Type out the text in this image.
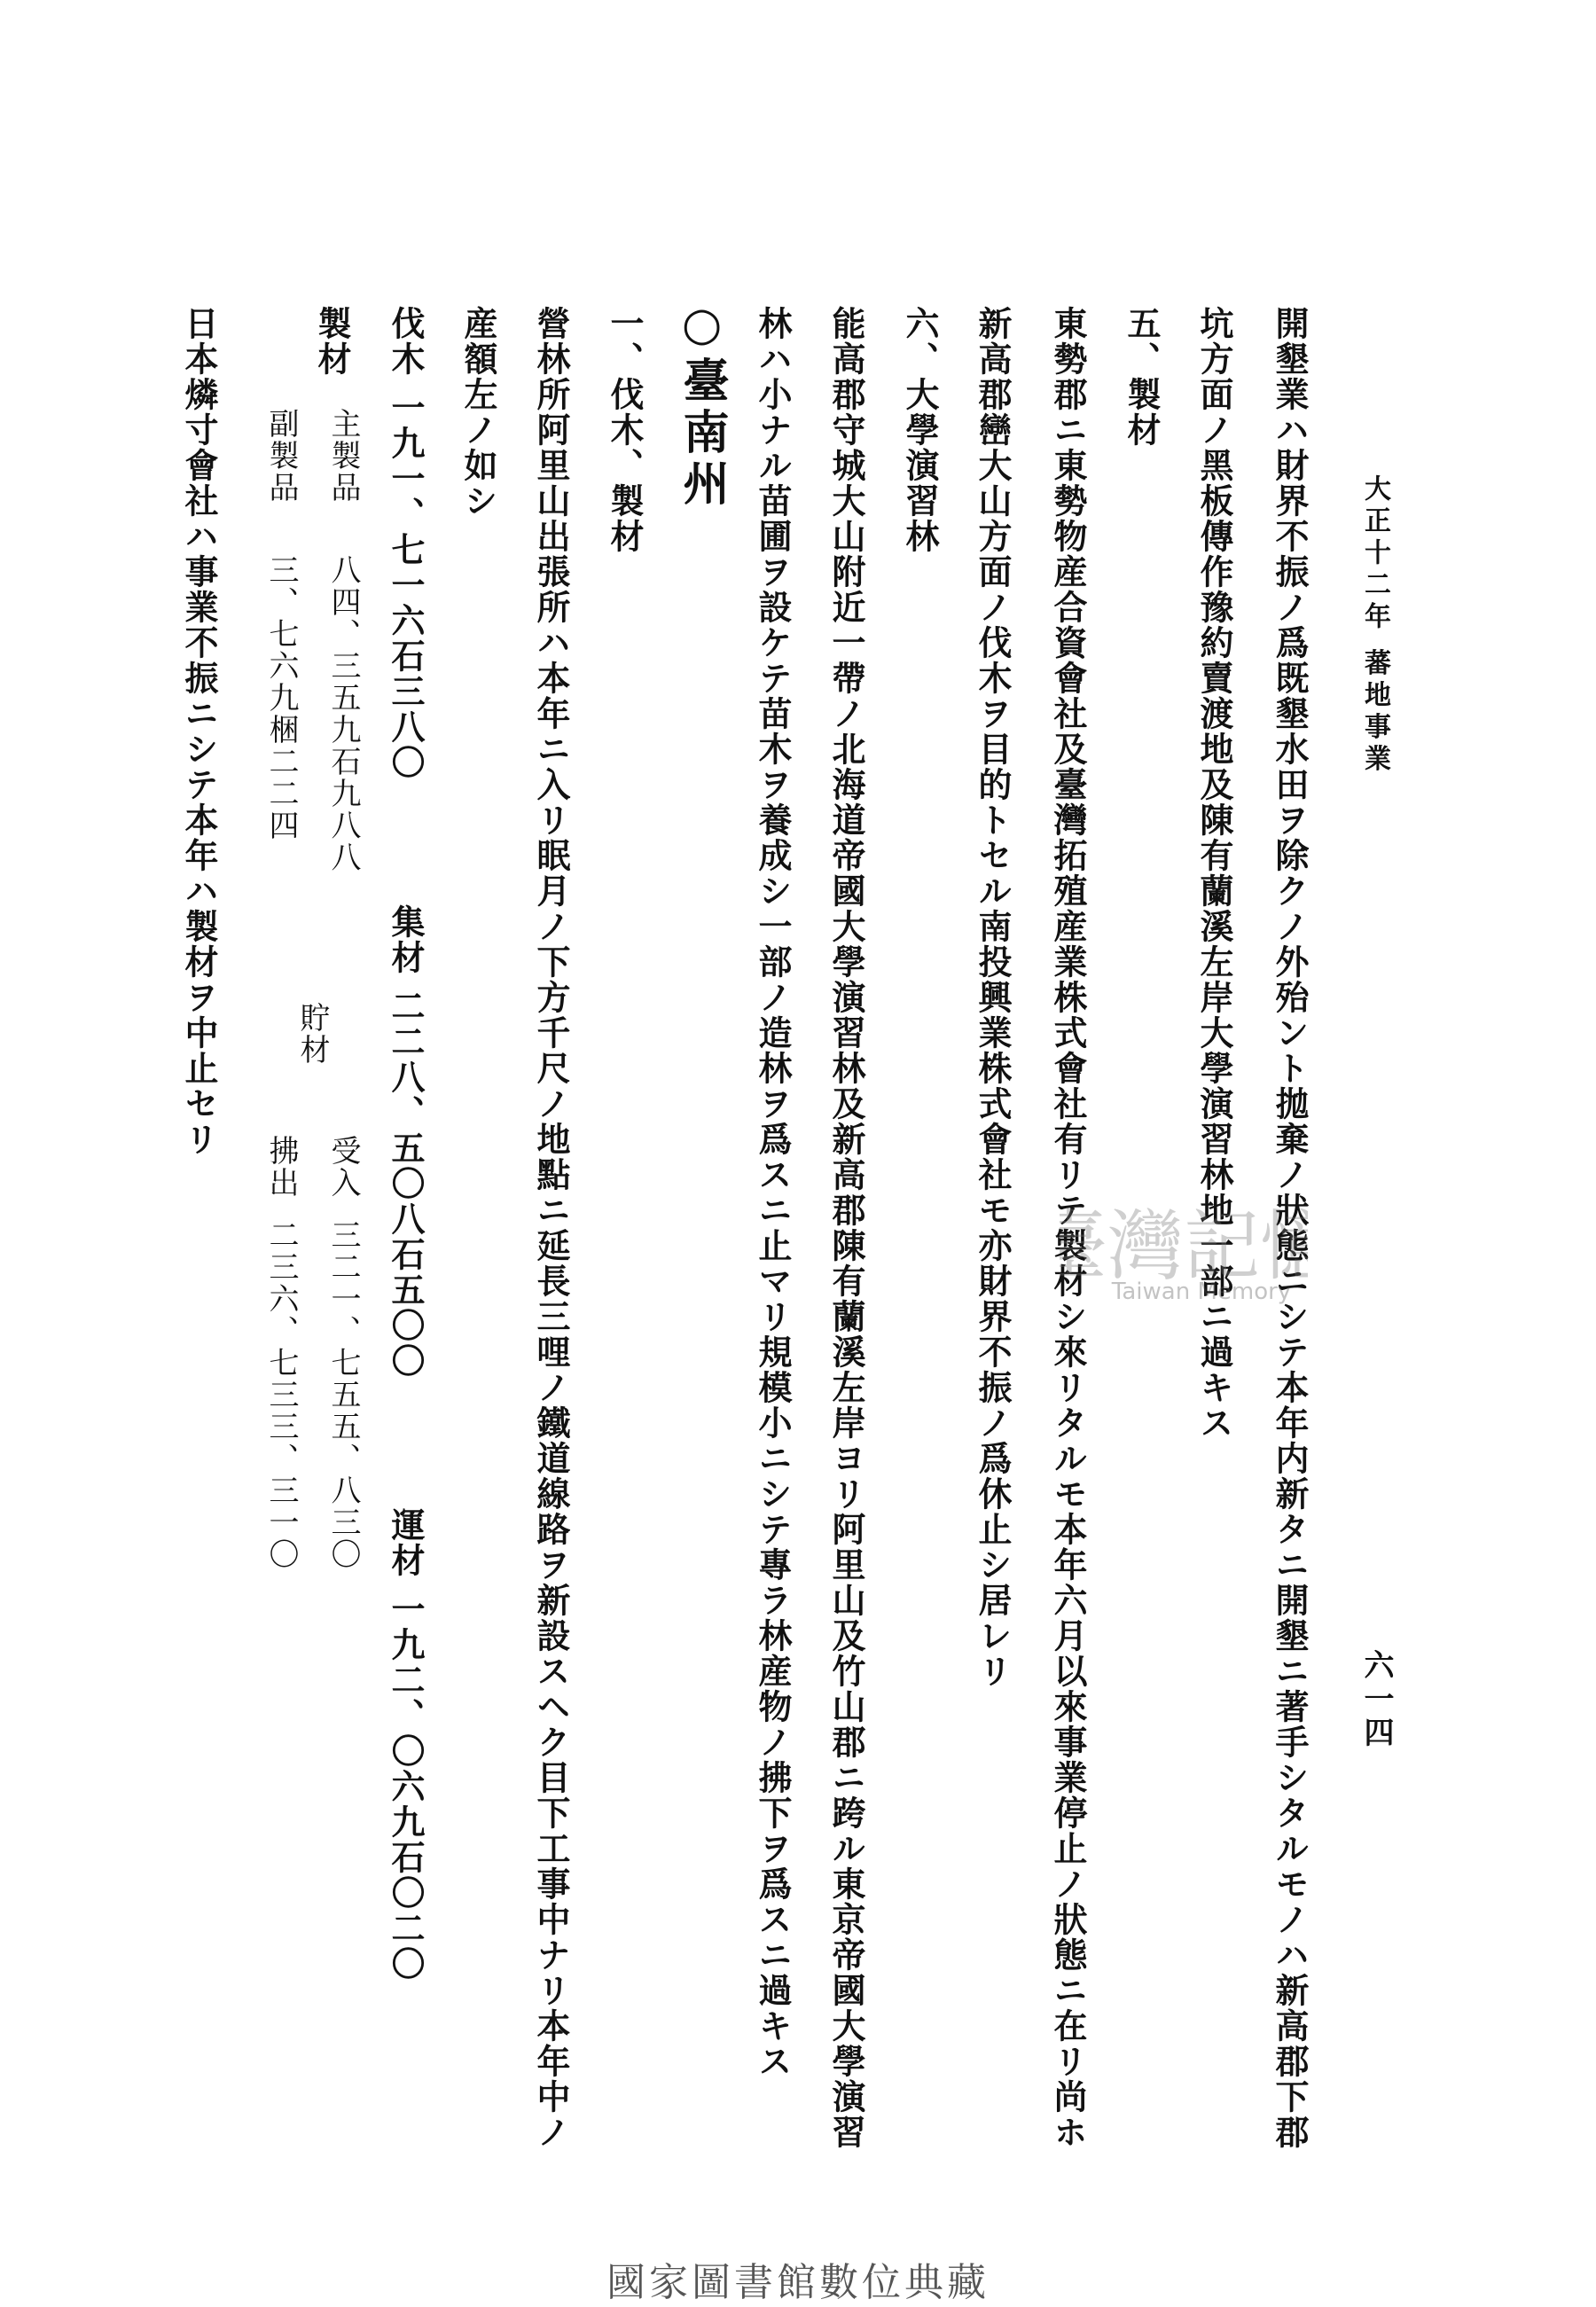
大正十二年 蕃地事業
六一四
開墾業ハ財界不振ノ爲既墾水田ヲ除クノ外殆ント拋棄ノ狀態ニシテ本年内新タニ開墾ニ著手シタルモノハ新高郡下郡
坑方面ノ黑板傳作豫約賣渡地及陳有蘭溪左岸大學演習林地一部ニ過キス
五、製材
東勢郡ニ東勢物産合資會社及臺灣拓殖産業株式會社有リテ製材シ來リタルモ本年六月以來事業停止ノ狀態ニ在リ尚ホ
新高郡巒大山方面ノ伐木ヲ目的トセル南投興業株式會社モ亦財界不振ノ爲休止シ居レリ
六、大學演習林
能高郡守城大山附近一帶ノ北海道帝國大學演習林及新高郡陳有蘭溪左岸ヨリ阿里山及竹山郡ニ跨ル東京帝國大學演習
林ハ小ナル苗圃ヲ設ケテ苗木ヲ養成シ一部ノ造林ヲ爲スニ止マリ規模小ニシテ專ラ林産物ノ拂下ヲ爲スニ過キス
○臺南州
一、伐木、製材
營林所阿里山出張所ハ本年ニ入リ眠月ノ下方千尺ノ地點ニ延長三哩ノ鐵道線路ヲ新設スヘク目下工事中ナリ本年中ノ
産額左ノ如シ
伐木
一九一、七一六石三八〇
集材
二二八、五〇八石五〇〇
運材
一九二、〇六九石〇二〇
製材
主製品
八四、三五九石九八八
副製品
三、七六九梱二二四
貯材
受入
三二一、七五五、八三〇
拂出
二三六、七三三、三一〇
日本燐寸會社ハ事業不振ニシテ本年ハ製材ヲ中止セリ
臺灣記憶
Taiwan Memory
國家圖書館數位典藏
